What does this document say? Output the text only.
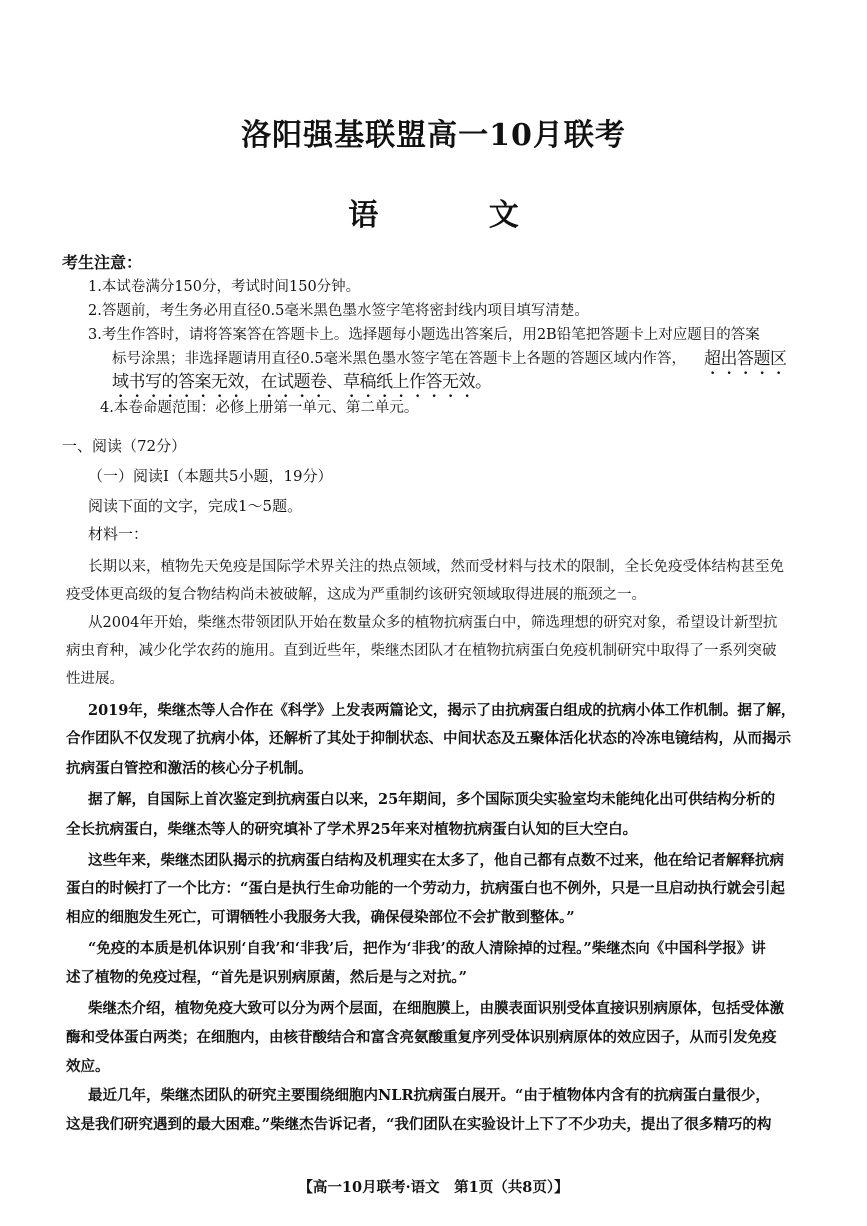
洛阳强基联盟高一10月联考
语 文
考生注意：
1.本试卷满分150分，考试时间150分钟。
2.答题前，考生务必用直径0.5毫米黑色墨水签字笔将密封线内项目填写清楚。
3.考生作答时，请将答案答在答题卡上。选择题每小题选出答案后，用2B铅笔把答题卡上对应题目的答案
标号涂黑；非选择题请用直径0.5毫米黑色墨水签字笔在答题卡上各题的答题区域内作答， 超出答题区
域书写的答案无效，在试题卷、草稿纸上作答无效。
4.本卷命题范围：必修上册第一单元、第二单元。
一、阅读（72分）
（一）阅读Ⅰ（本题共5小题，19分）
阅读下面的文字，完成1～5题。
材料一：
长期以来，植物先天免疫是国际学术界关注的热点领域，然而受材料与技术的限制，全长免疫受体结构甚至免
疫受体更高级的复合物结构尚未被破解，这成为严重制约该研究领域取得进展的瓶颈之一。
从2004年开始，柴继杰带领团队开始在数量众多的植物抗病蛋白中，筛选理想的研究对象，希望设计新型抗
病虫育种，减少化学农药的施用。直到近些年，柴继杰团队才在植物抗病蛋白免疫机制研究中取得了一系列突破
性进展。
2019年，柴继杰等人合作在《科学》上发表两篇论文，揭示了由抗病蛋白组成的抗病小体工作机制。据了解，
合作团队不仅发现了抗病小体，还解析了其处于抑制状态、中间状态及五聚体活化状态的冷冻电镜结构，从而揭示
抗病蛋白管控和激活的核心分子机制。
据了解，自国际上首次鉴定到抗病蛋白以来，25年期间，多个国际顶尖实验室均未能纯化出可供结构分析的
全长抗病蛋白，柴继杰等人的研究填补了学术界25年来对植物抗病蛋白认知的巨大空白。
这些年来，柴继杰团队揭示的抗病蛋白结构及机理实在太多了，他自己都有点数不过来，他在给记者解释抗病
蛋白的时候打了一个比方：“蛋白是执行生命功能的一个劳动力，抗病蛋白也不例外，只是一旦启动执行就会引起
相应的细胞发生死亡，可谓牺牲小我服务大我，确保侵染部位不会扩散到整体。”
“免疫的本质是机体识别‘自我’和‘非我’后，把作为‘非我’的敌人清除掉的过程。”柴继杰向《中国科学报》讲
述了植物的免疫过程，“首先是识别病原菌，然后是与之对抗。”
柴继杰介绍，植物免疫大致可以分为两个层面，在细胞膜上，由膜表面识别受体直接识别病原体，包括受体激
酶和受体蛋白两类；在细胞内，由核苷酸结合和富含亮氨酸重复序列受体识别病原体的效应因子，从而引发免疫
效应。
最近几年，柴继杰团队的研究主要围绕细胞内NLR抗病蛋白展开。“由于植物体内含有的抗病蛋白量很少，
这是我们研究遇到的最大困难。”柴继杰告诉记者，“我们团队在实验设计上下了不少功夫，提出了很多精巧的构
【高一10月联考·语文　第1页（共8页）】
